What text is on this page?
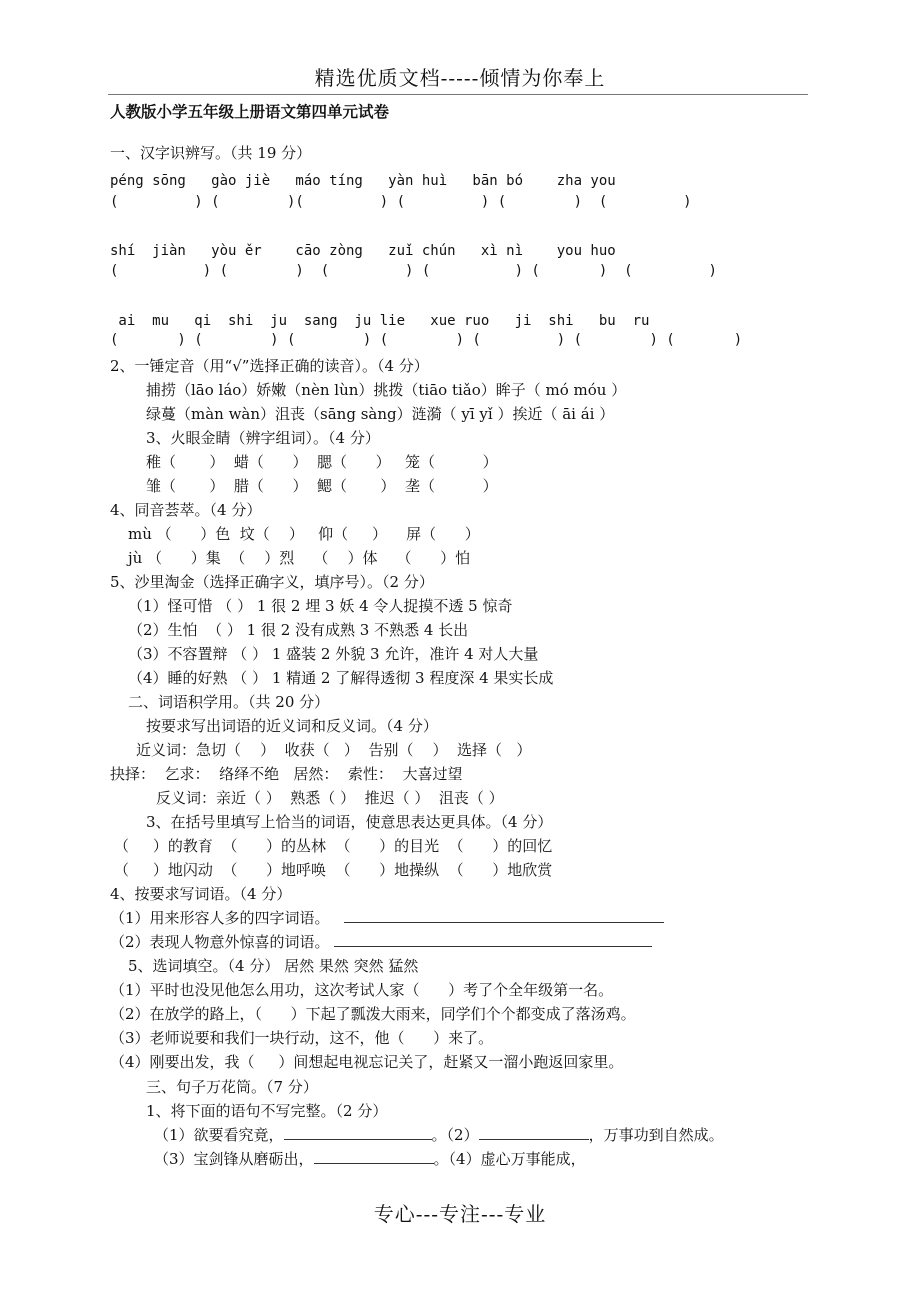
精选优质文档-----倾情为你奉上
人教版小学五年级上册语文第四单元试卷
一、汉字识辨写。（共 19 分）
péng sōng   gào jiè   máo tíng   yàn huì   bān bó    zha you
(         ) (        )(         ) (         ) (        )  (         )
shí  jiàn   yòu ěr    cāo zòng   zuǐ chún   xì nì    you huo
(          ) (        )  (         ) (          ) (       )  (         )
ai  mu   qi  shi  ju  sang  ju lie   xue ruo   ji  shi   bu  ru
(       ) (        ) (        ) (        ) (         ) (        ) (       )
2、一锤定音（用“√”选择正确的读音）。（4 分）
捕捞（lāo láo）娇嫩（nèn lùn）挑拨（tiāo tiǎo）眸子（ mó móu ）
绿蔓（màn wàn）沮丧（sāng sàng）涟漪（ yī yǐ ）挨近（ āi ái ）
3、火眼金睛（辨字组词）。（4 分）
稚（       ）  蜡（      ）  腮（      ）   笼（          ）
雏（       ）  腊（      ）  鳃（       ）  垄（          ）
4、同音荟萃。（4 分）
mù （      ）色  坟（    ）   仰（     ）    屏（      ）
jù （      ）集  （    ）烈    （    ）体    （      ）怕
5、沙里淘金（选择正确字义，填序号）。（2 分）
（1）怪可惜 （ ） 1 很 2 埋 3 妖 4 令人捉摸不透 5 惊奇
（2）生怕  （ ） 1 很 2 没有成熟 3 不熟悉 4 长出
（3）不容置辩 （ ） 1 盛装 2 外貌 3 允许，准许 4 对人大量
（4）睡的好熟 （ ） 1 精通 2 了解得透彻 3 程度深 4 果实长成
二、词语积学用。（共 20 分）
按要求写出词语的近义词和反义词。（4 分）
近义词：急切（    ）  收获（   ）  告别（    ）  选择（   ）
抉择：  乞求：  络绎不绝   居然：  索性：  大喜过望
反义词：亲近（ ）  熟悉（ ）  推迟（ ）  沮丧（ ）
3、在括号里填写上恰当的词语，使意思表达更具体。（4 分）
（     ）的教育  （      ）的丛林  （      ）的目光  （      ）的回忆
（     ）地闪动  （      ）地呼唤  （      ）地操纵  （      ）地欣赏
4、按要求写词语。（4 分）
（1）用来形容人多的四字词语。
（2）表现人物意外惊喜的词语。
5、选词填空。（4 分） 居然 果然 突然 猛然
（1）平时也没见他怎么用功，这次考试人家（      ）考了个全年级第一名。
（2）在放学的路上，（      ）下起了瓢泼大雨来，同学们个个都变成了落汤鸡。
（3）老师说要和我们一块行动，这不，他（      ）来了。
（4）刚要出发，我（     ）间想起电视忘记关了，赶紧又一溜小跑返回家里。
三、句子万花筒。（7 分）
1、将下面的语句不写完整。（2 分）
（1）欲要看究竟，	。（2）	，万事功到自然成。
（3）宝剑锋从磨砺出，	。（4）虚心万事能成，
专心---专注---专业
